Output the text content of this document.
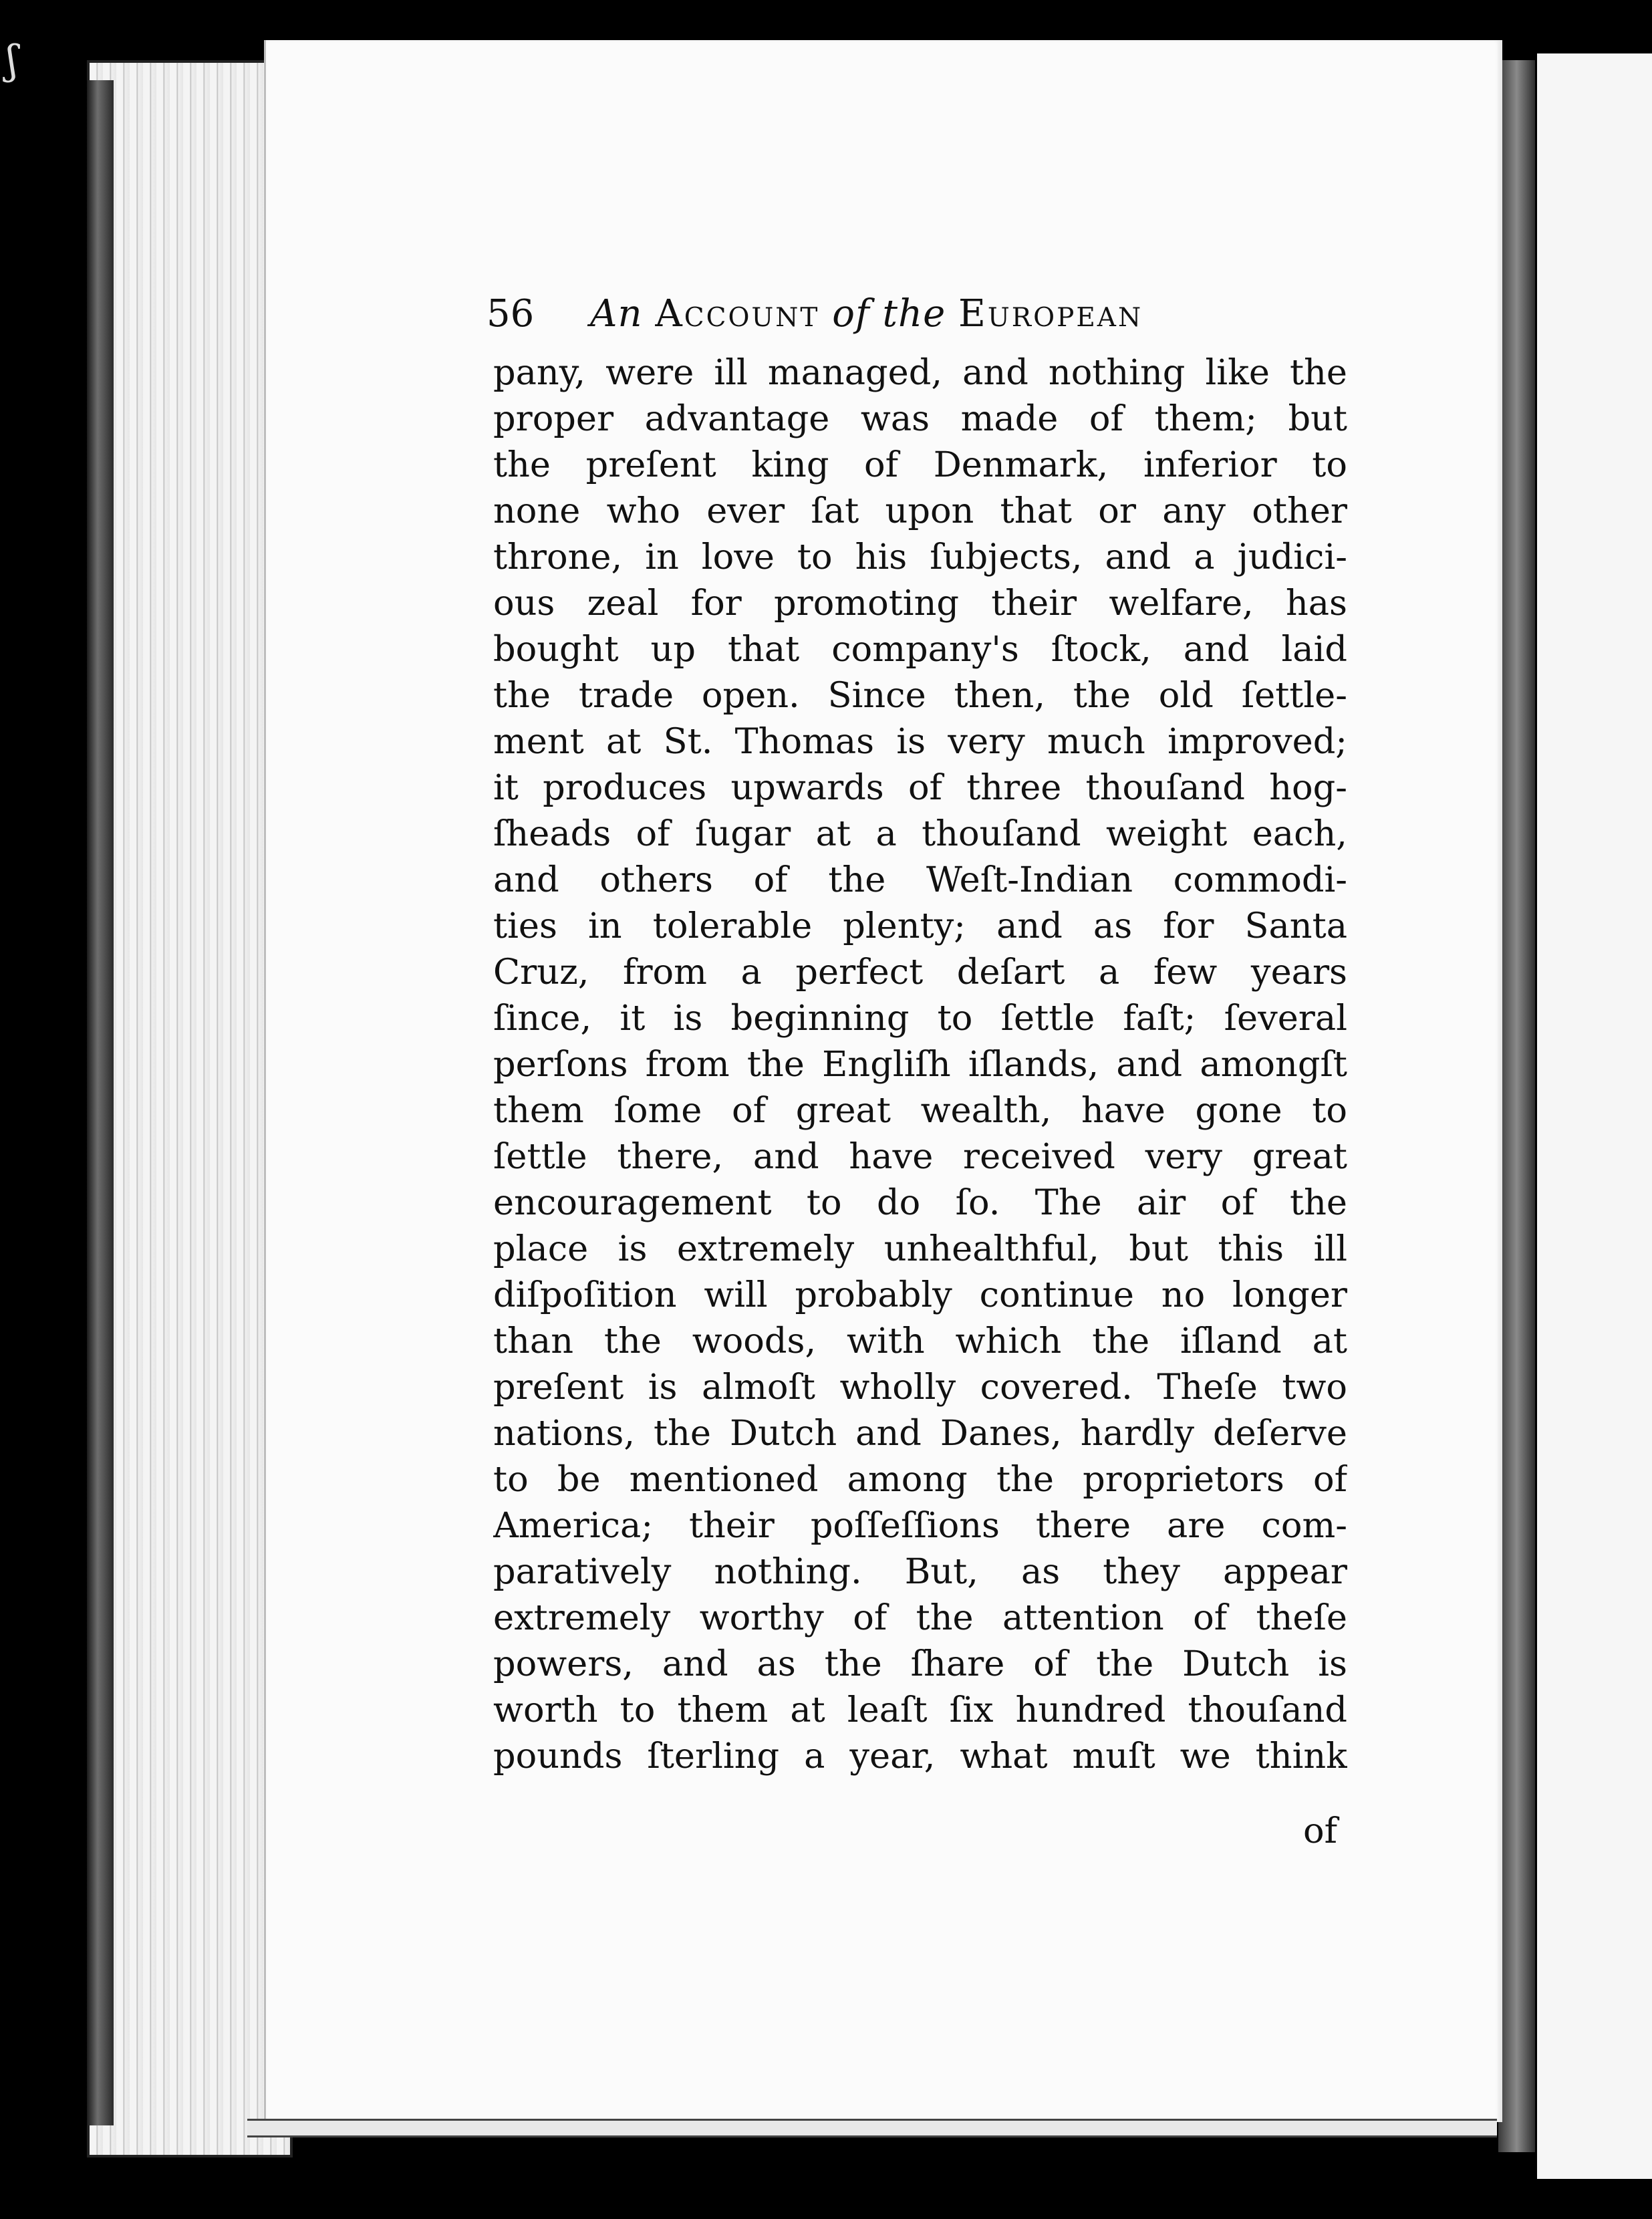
ʃ
56 An Account of the European
pany, were ill managed, and nothing like the
proper advantage was made of them; but
the preſent king of Denmark, inferior to
none who ever ſat upon that or any other
throne, in love to his ſubjects, and a judici-
ous zeal for promoting their welfare, has
bought up that company's ſtock, and laid
the trade open. Since then, the old ſettle-
ment at St. Thomas is very much improved;
it produces upwards of three thouſand hog-
ſheads of ſugar at a thouſand weight each,
and others of the Weſt-Indian commodi-
ties in tolerable plenty; and as for Santa
Cruz, from a perfect deſart a few years
ſince, it is beginning to ſettle faſt; ſeveral
perſons from the Engliſh iſlands, and amongſt
them ſome of great wealth, have gone to
ſettle there, and have received very great
encouragement to do ſo. The air of the
place is extremely unhealthful, but this ill
diſpoſition will probably continue no longer
than the woods, with which the iſland at
preſent is almoſt wholly covered. Theſe two
nations, the Dutch and Danes, hardly deſerve
to be mentioned among the proprietors of
America; their poſſeſſions there are com-
paratively nothing. But, as they appear
extremely worthy of the attention of theſe
powers, and as the ſhare of the Dutch is
worth to them at leaſt ſix hundred thouſand
pounds ſterling a year, what muſt we think
of
